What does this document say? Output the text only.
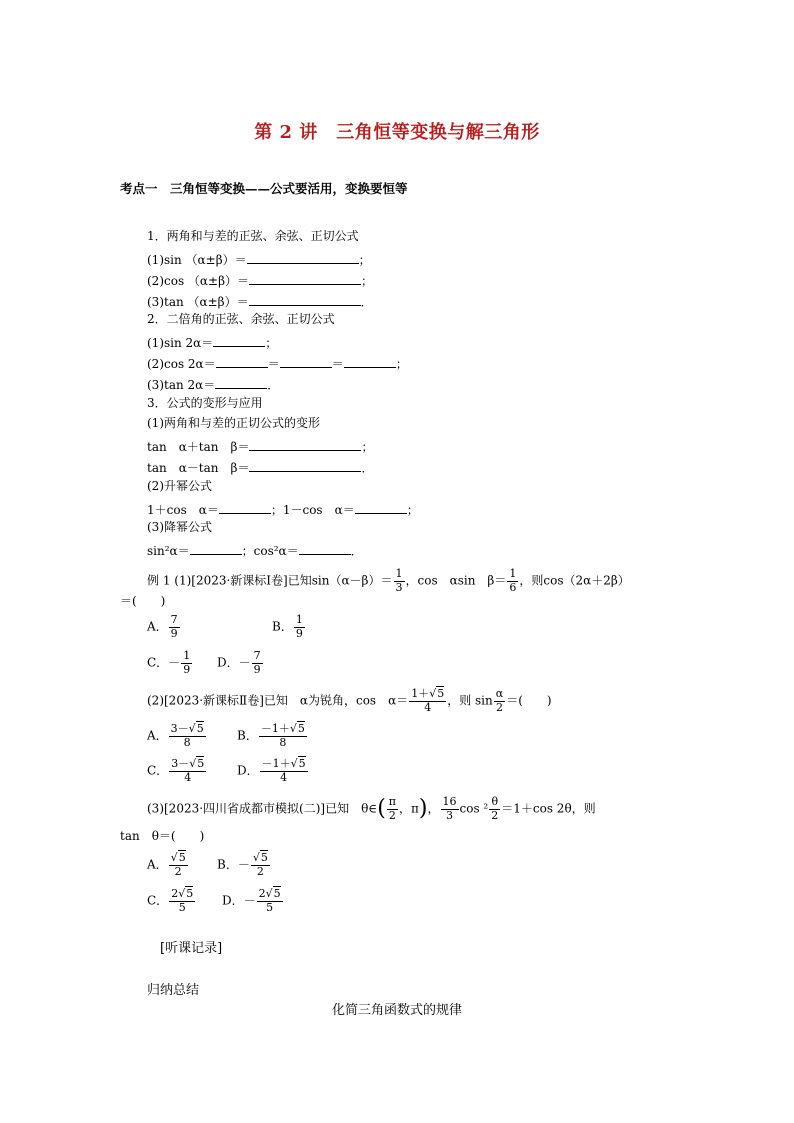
第 2 讲　三角恒等变换与解三角形
考点一　三角恒等变换——公式要活用，变换要恒等
1．两角和与差的正弦、余弦、正切公式
(1)sin （α±β）＝	；
(2)cos （α±β）＝	；
(3)tan （α±β）＝	．
2．二倍角的正弦、余弦、正切公式
(1)sin 2α＝	；
(2)cos 2α＝	＝	＝	；
(3)tan 2α＝	．
3．公式的变形与应用
(1)两角和与差的正切公式的变形
tan　α＋tan　β＝	；
tan　α－tan　β＝	．
(2)升幂公式
1＋cos　α＝	；1－cos　α＝	；
(3)降幂公式
sin²α＝	；cos²α＝	．
例 1 (1)[2023·新课标Ⅰ卷]已知$\sin(\alpha-\beta)= \frac{1}{3}$ ，cos　αsin　$\beta= \frac{1}{6}$ ，则cos（2α＋2β）
＝(　　)
A． $\frac{7}{9}$	B． $\frac{1}{9}$
C．－ $\frac{1}{9}$ D．－ $\frac{7}{9}$
(2)[2023·新课标Ⅱ卷]已知　α为锐角，cos　$\alpha= \frac{1+√5}{4}$ ，则 $\sin \frac{\alpha}{2}$ ＝(　　)
A． $\frac{3-√5}{8}$	B． $\frac{-1+√5}{8}$
C． $\frac{3-√5}{4}$	D． $\frac{-1+√5}{4}$
(3)[2023·四川省成都市模拟(二)]已知　θ∈( $\frac{\pi}{2}$ ，π)， $\frac{16}{3}$ $\cos ^2 \frac{\theta}{2} =1+\cos$ 2θ，则
tan　θ＝(　　)
A． $\frac{√5}{2}$ B．－ $\frac{√5}{2}$
C． $\frac{2√5}{5}$ D．－ $\frac{2√5}{5}$
[听课记录]
归纳总结
化简三角函数式的规律
